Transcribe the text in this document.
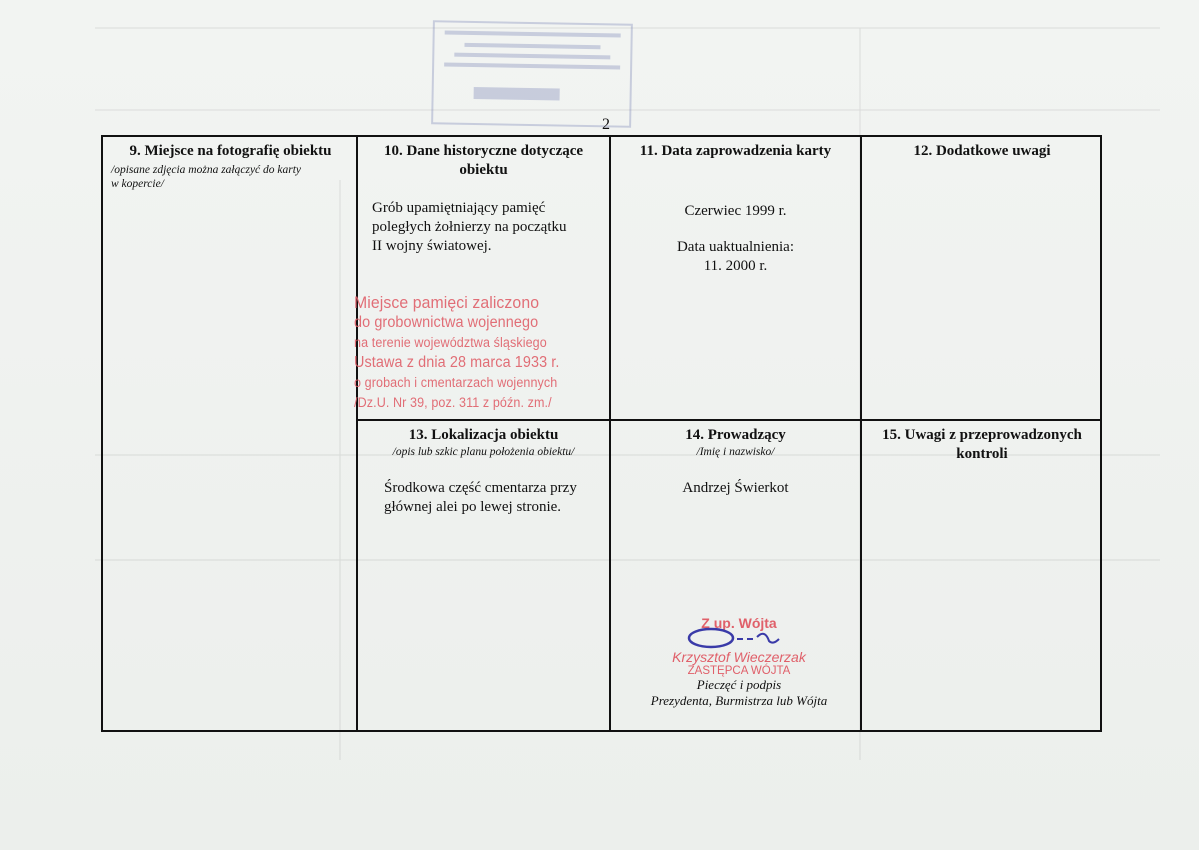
2
9. Miejsce na fotografię obiektu
/opisane zdjęcia można załączyć do karty
w kopercie/
10. Dane historyczne dotyczące
obiektu
Grób upamiętniający pamięć
poległych żołnierzy na początku
II wojny światowej.
11. Data zaprowadzenia karty
Czerwiec 1999 r.
Data uaktualnienia:
11. 2000 r.
12. Dodatkowe uwagi
13. Lokalizacja obiektu
/opis lub szkic planu położenia obiektu/
Środkowa część cmentarza przy
głównej alei po lewej stronie.
14. Prowadzący
/Imię i nazwisko/
Andrzej Świerkot
15. Uwagi z przeprowadzonych
kontroli
Miejsce pamięci zaliczono
do grobownictwa wojennego
na terenie województwa śląskiego
Ustawa z dnia 28 marca 1933 r.
o grobach i cmentarzach wojennych
/Dz.U. Nr 39, poz. 311 z późn. zm./
Z up. Wójta
Krzysztof Wieczerzak
ZASTĘPCA WÓJTA
Pieczęć i podpis
Prezydenta, Burmistrza lub Wójta
